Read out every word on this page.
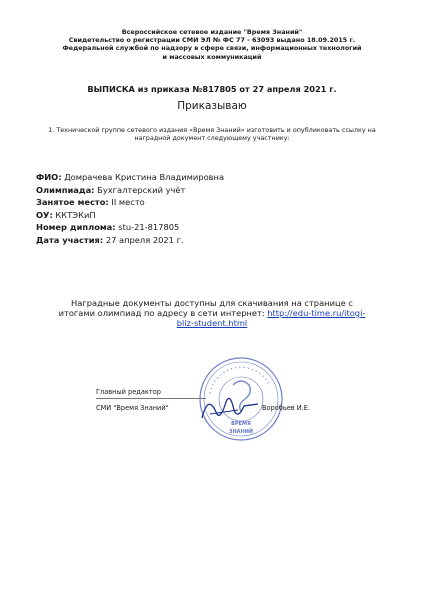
Всероссийское сетевое издание "Время Знаний"
Свидетельство о регистрации СМИ ЭЛ № ФС 77 - 63093 выдано 18.09.2015 г.
Федеральной службой по надзору в сфере связи, информационных технологий
и массовых коммуникаций
ВЫПИСКА из приказа №817805 от 27 апреля 2021 г.
Приказываю
1. Технической группе сетевого издания «Время Знаний» изготовить и опубликовать ссылку на
наградной документ следующему участнику:
ФИО: Домрачева Кристина Владимировна
Олимпиада: Бухгалтерский учёт
Занятое место: II место
ОУ: ККТЭКиП
Номер диплома: stu-21-817805
Дата участия: 27 апреля 2021 г.
Наградные документы доступны для скачивания на странице с
итогами олимпиад по адресу в сети интернет: http://edu-time.ru/itogi-
bliz-student.html
• • • • • • • • • • • • • • • • • • •
ВРЕМЯ
ЗНАНИЙ
Главный редактор
СМИ "Время Знаний"	Воробьев И.Е.
